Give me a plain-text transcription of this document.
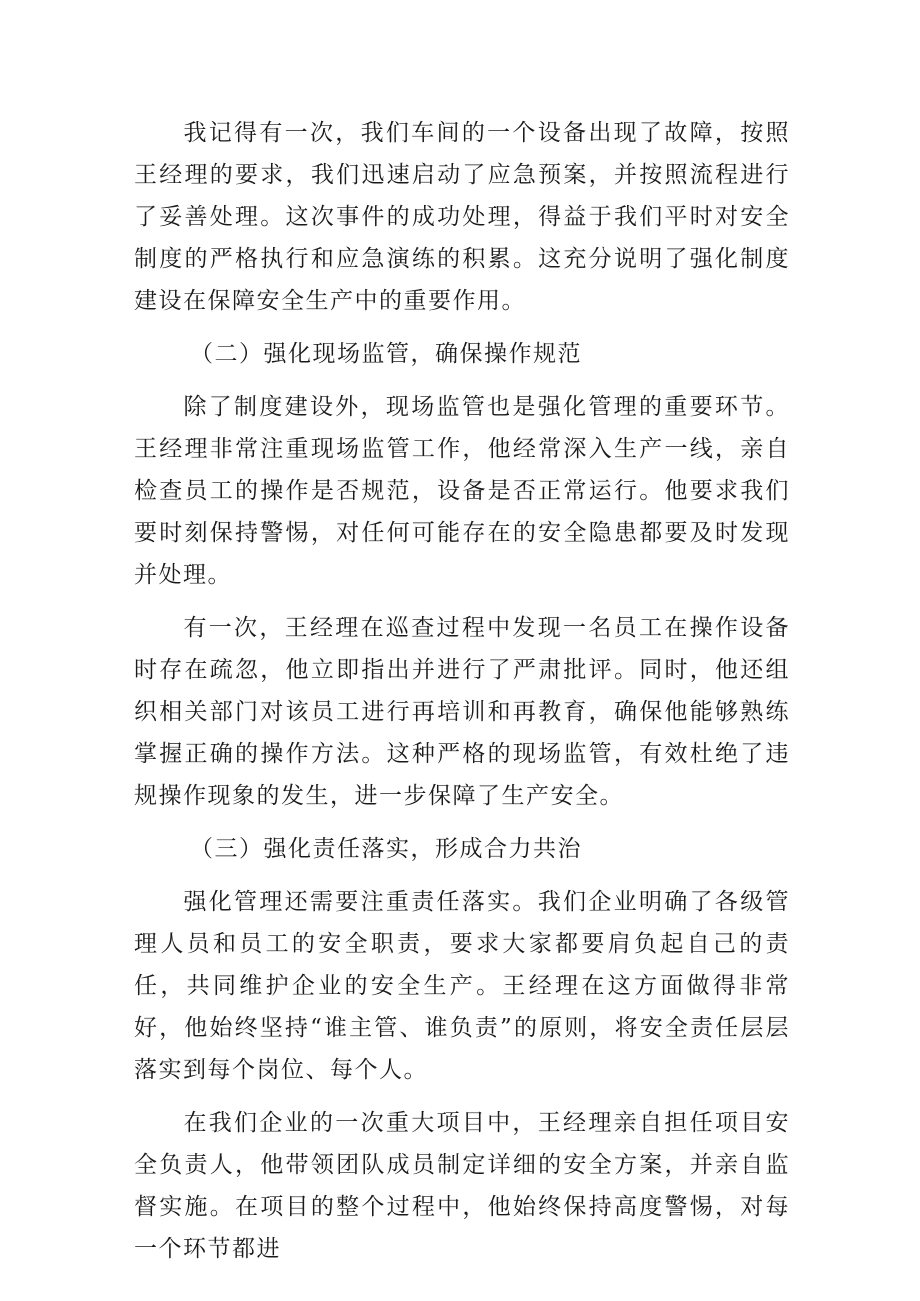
我记得有一次，我们车间的一个设备出现了故障，按照王经理的要求，我们迅速启动了应急预案，并按照流程进行了妥善处理。这次事件的成功处理，得益于我们平时对安全制度的严格执行和应急演练的积累。这充分说明了强化制度建设在保障安全生产中的重要作用。

（二）强化现场监管，确保操作规范

除了制度建设外，现场监管也是强化管理的重要环节。王经理非常注重现场监管工作，他经常深入生产一线，亲自检查员工的操作是否规范，设备是否正常运行。他要求我们要时刻保持警惕，对任何可能存在的安全隐患都要及时发现并处理。

有一次，王经理在巡查过程中发现一名员工在操作设备时存在疏忽，他立即指出并进行了严肃批评。同时，他还组织相关部门对该员工进行再培训和再教育，确保他能够熟练掌握正确的操作方法。这种严格的现场监管，有效杜绝了违规操作现象的发生，进一步保障了生产安全。

（三）强化责任落实，形成合力共治

强化管理还需要注重责任落实。我们企业明确了各级管理人员和员工的安全职责，要求大家都要肩负起自己的责任，共同维护企业的安全生产。王经理在这方面做得非常好，他始终坚持“谁主管、谁负责”的原则，将安全责任层层落实到每个岗位、每个人。

在我们企业的一次重大项目中，王经理亲自担任项目安全负责人，他带领团队成员制定详细的安全方案，并亲自监督实施。在项目的整个过程中，他始终保持高度警惕，对每一个环节都进
